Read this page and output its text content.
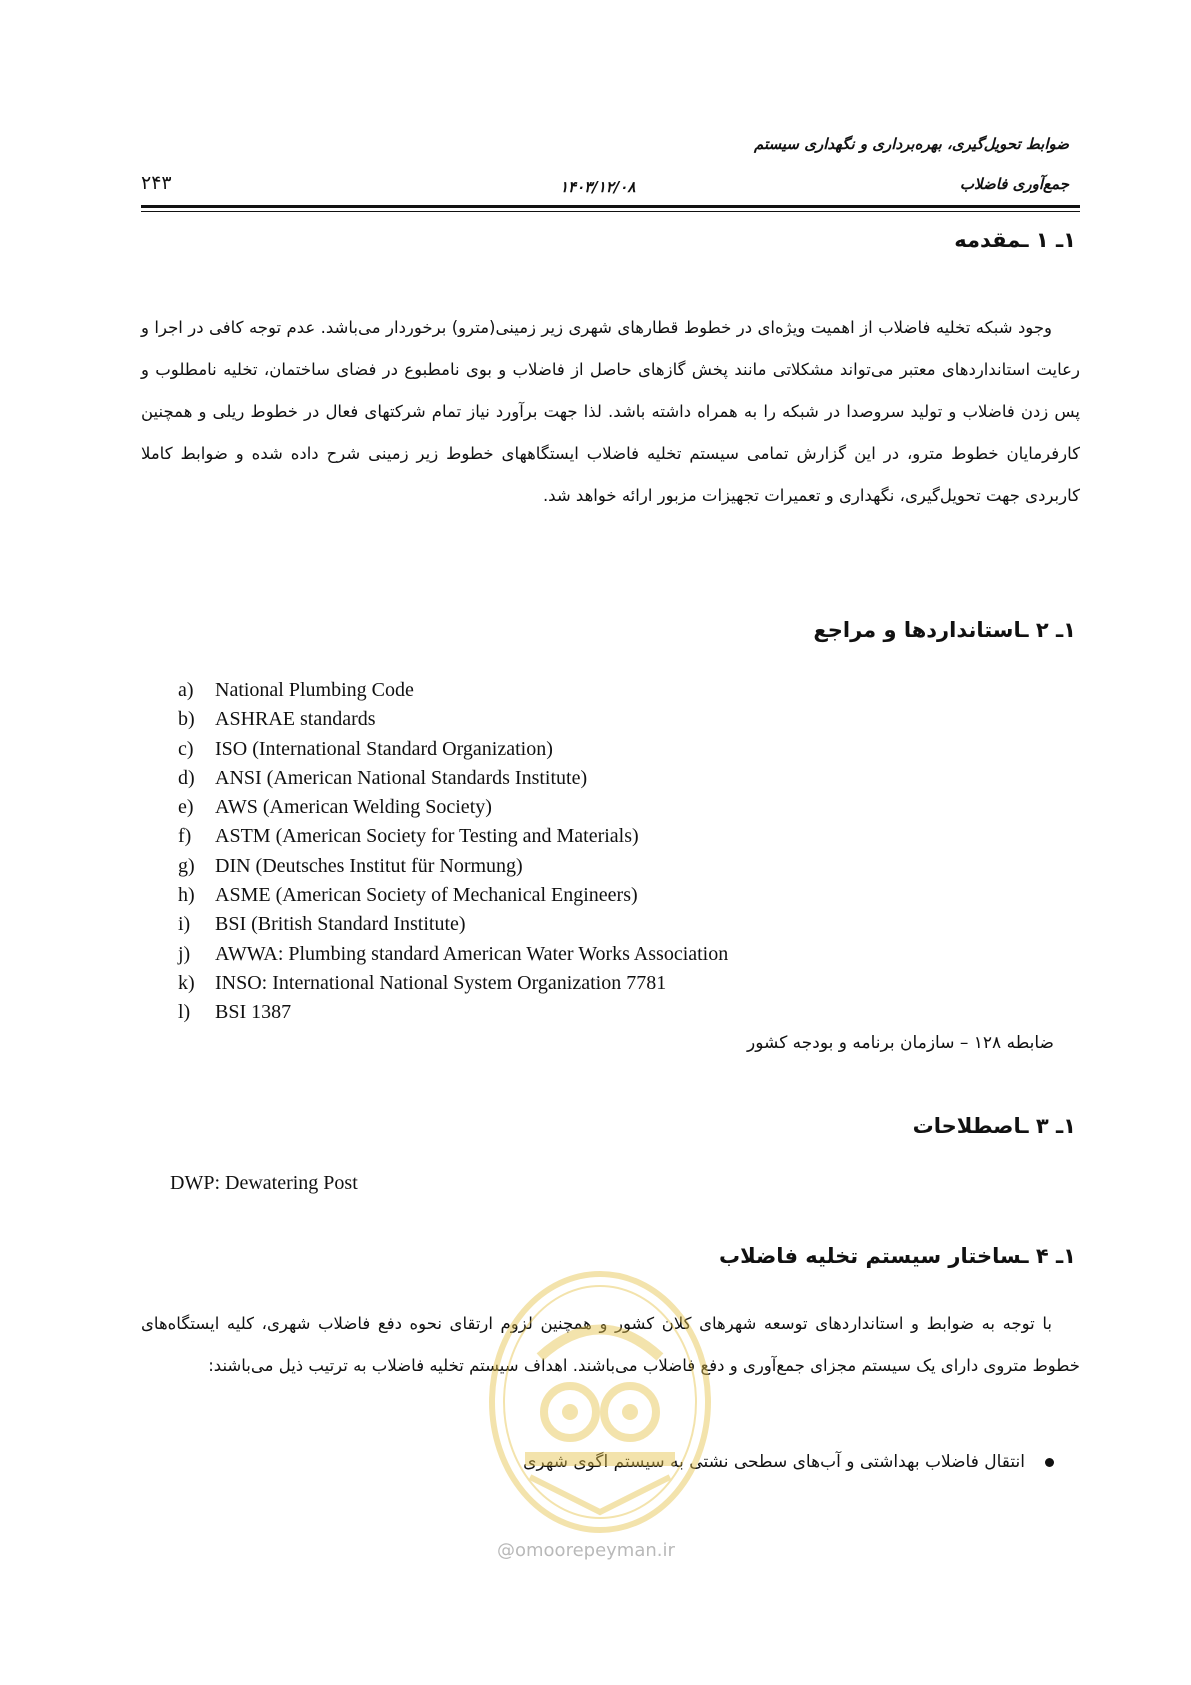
ضوابط تحویل‌گیری، بهره‌برداری و نگهداری سیستم
جمع‌آوری فاضلاب
۱۴۰۳/۱۲/۰۸
۲۴۳
۱ـ ۱ ـمقدمه

وجود شبکه تخلیه فاضلاب از اهمیت ویژه‌ای در خطوط قطارهای شهری زیر زمینی(مترو) برخوردار می‌باشد. عدم توجه کافی در اجرا و رعایت استانداردهای معتبر می‌تواند مشکلاتی مانند پخش گازهای حاصل از فاضلاب و بوی نامطبوع در فضای ساختمان، تخلیه نامطلوب و پس زدن فاضلاب و تولید سروصدا در شبکه را به همراه داشته باشد. لذا جهت برآورد نیاز تمام شرکتهای فعال در خطوط ریلی و همچنین کارفرمایان خطوط مترو، در این گزارش تمامی سیستم تخلیه فاضلاب ایستگاههای خطوط زیر زمینی شرح داده شده و ضوابط کاملا کاربردی جهت تحویل‌گیری، نگهداری و تعمیرات تجهیزات مزبور ارائه خواهد شد.

۱ـ ۲ ـاستانداردها و مراجع
a) National Plumbing Code
b) ASHRAE standards
c) ISO (International Standard Organization)
d) ANSI (American National Standards Institute)
e) AWS (American Welding Society)
f) ASTM (American Society for Testing and Materials)
g) DIN (Deutsches Institut für Normung)
h) ASME (American Society of Mechanical Engineers)
i) BSI (British Standard Institute)
j) AWWA: Plumbing standard American Water Works Association
k) INSO: International National System Organization 7781
l) BSI 1387
ضابطه ۱۲۸ – سازمان برنامه و بودجه کشور
۱ـ ۳ ـاصطلاحات
DWP: Dewatering Post
۱ـ ۴ ـساختار سیستم تخلیه فاضلاب

با توجه به ضوابط و استانداردهای توسعه شهرهای کلان کشور و همچنین لزوم ارتقای نحوه دفع فاضلاب شهری، کلیه ایستگاه‌های خطوط متروی دارای یک سیستم مجزای جمع‌آوری و دفع فاضلاب می‌باشند. اهداف سیستم تخلیه فاضلاب به ترتیب ذیل می‌باشند:

انتقال فاضلاب بهداشتی و آب‌های سطحی نشتی به سیستم اگوی شهری
@omoorepeyman.ir
